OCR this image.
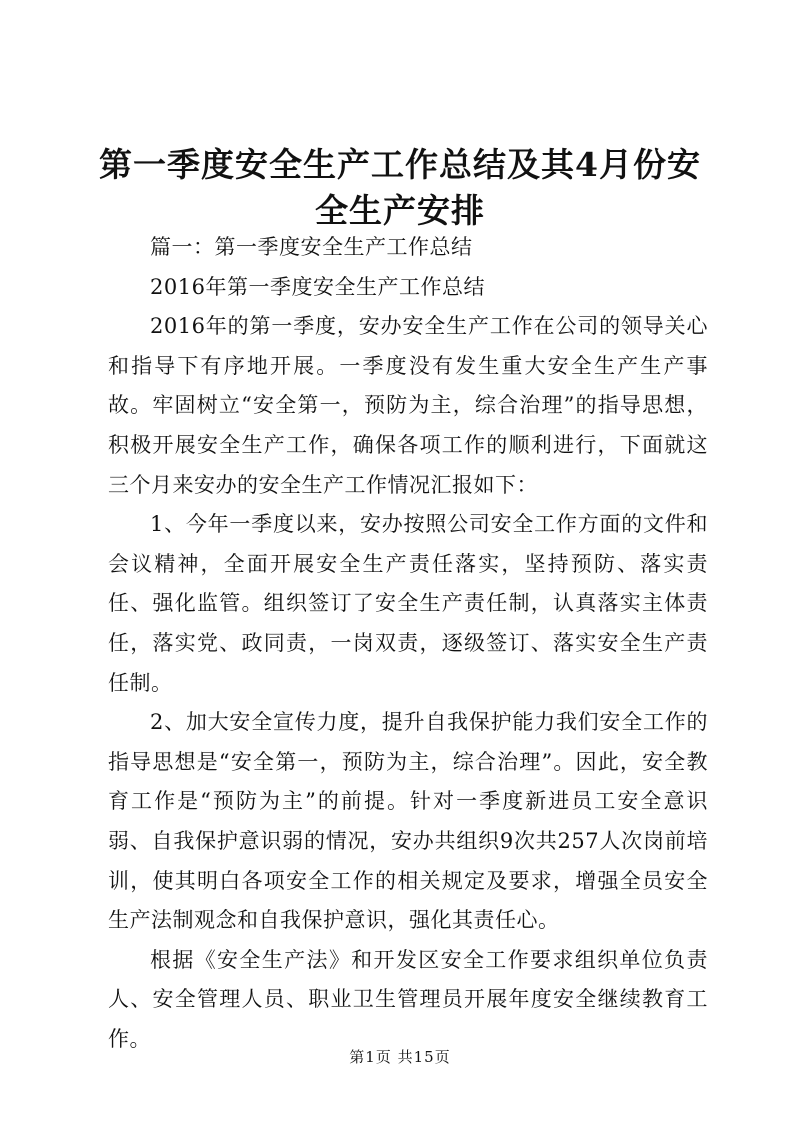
第一季度安全生产工作总结及其4月份安全生产安排

篇一：第一季度安全生产工作总结

2016年第一季度安全生产工作总结

2016年的第一季度，安办安全生产工作在公司的领导关心和指导下有序地开展。一季度没有发生重大安全生产生产事故。牢固树立“安全第一，预防为主，综合治理”的指导思想，积极开展安全生产工作，确保各项工作的顺利进行，下面就这三个月来安办的安全生产工作情况汇报如下：

1、今年一季度以来，安办按照公司安全工作方面的文件和会议精神，全面开展安全生产责任落实，坚持预防、落实责任、强化监管。组织签订了安全生产责任制，认真落实主体责任，落实党、政同责，一岗双责，逐级签订、落实安全生产责任制。

2、加大安全宣传力度，提升自我保护能力我们安全工作的指导思想是“安全第一，预防为主，综合治理”。因此，安全教育工作是“预防为主”的前提。针对一季度新进员工安全意识弱、自我保护意识弱的情况，安办共组织9次共257人次岗前培训，使其明白各项安全工作的相关规定及要求，增强全员安全生产法制观念和自我保护意识，强化其责任心。

根据《安全生产法》和开发区安全工作要求组织单位负责人、安全管理人员、职业卫生管理员开展年度安全继续教育工作。

第1页 共15页
